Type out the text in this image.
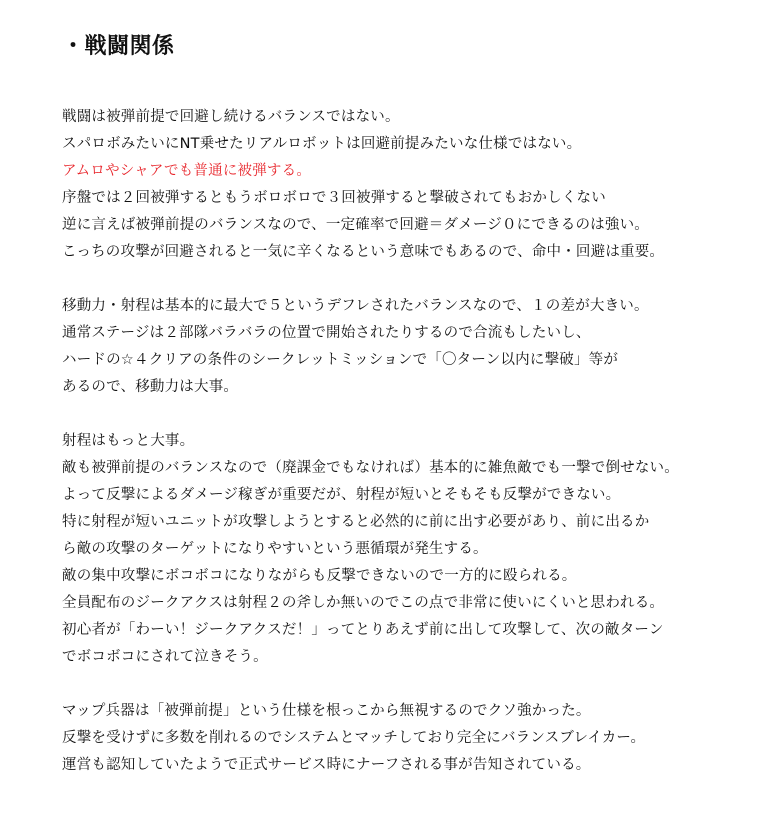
・戦闘関係
戦闘は被弾前提で回避し続けるバランスではない。
スパロボみたいにNT乗せたリアルロボットは回避前提みたいな仕様ではない。
アムロやシャアでも普通に被弾する。
序盤では２回被弾するともうボロボロで３回被弾すると撃破されてもおかしくない
逆に言えば被弾前提のバランスなので、一定確率で回避＝ダメージ０にできるのは強い。
こっちの攻撃が回避されると一気に辛くなるという意味でもあるので、命中・回避は重要。
移動力・射程は基本的に最大で５というデフレされたバランスなので、１の差が大きい。
通常ステージは２部隊バラバラの位置で開始されたりするので合流もしたいし、
ハードの☆４クリアの条件のシークレットミッションで「〇ターン以内に撃破」等が
あるので、移動力は大事。
射程はもっと大事。
敵も被弾前提のバランスなので（廃課金でもなければ）基本的に雑魚敵でも一撃で倒せない。
よって反撃によるダメージ稼ぎが重要だが、射程が短いとそもそも反撃ができない。
特に射程が短いユニットが攻撃しようとすると必然的に前に出す必要があり、前に出るか
ら敵の攻撃のターゲットになりやすいという悪循環が発生する。
敵の集中攻撃にボコボコになりながらも反撃できないので一方的に殴られる。
全員配布のジークアクスは射程２の斧しか無いのでこの点で非常に使いにくいと思われる。
初心者が「わーい！ジークアクスだ！」ってとりあえず前に出して攻撃して、次の敵ターン
でボコボコにされて泣きそう。
マップ兵器は「被弾前提」という仕様を根っこから無視するのでクソ強かった。
反撃を受けずに多数を削れるのでシステムとマッチしており完全にバランスブレイカー。
運営も認知していたようで正式サービス時にナーフされる事が告知されている。
